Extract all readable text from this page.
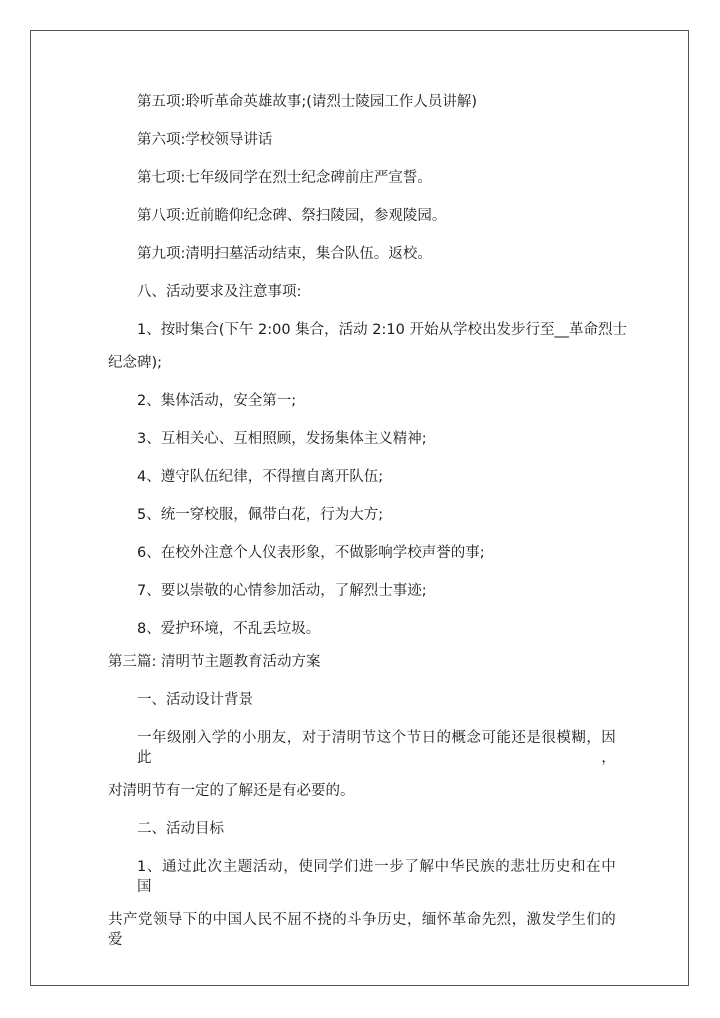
第五项:聆听革命英雄故事;(请烈士陵园工作人员讲解)

第六项:学校领导讲话

第七项:七年级同学在烈士纪念碑前庄严宣誓。

第八项:近前瞻仰纪念碑、祭扫陵园，参观陵园。

第九项:清明扫墓活动结束，集合队伍。返校。

八、活动要求及注意事项:

1、按时集合(下午 2:00 集合，活动 2:10 开始从学校出发步行至__革命烈士

纪念碑);

2、集体活动，安全第一;

3、互相关心、互相照顾，发扬集体主义精神;

4、遵守队伍纪律，不得擅自离开队伍;

5、统一穿校服，佩带白花，行为大方;

6、在校外注意个人仪表形象，不做影响学校声誉的事;

7、要以崇敬的心情参加活动，了解烈士事迹;

8、爱护环境，不乱丢垃圾。

第三篇: 清明节主题教育活动方案

一、活动设计背景

一年级刚入学的小朋友，对于清明节这个节日的概念可能还是很模糊，因此，

对清明节有一定的了解还是有必要的。

二、活动目标

1、通过此次主题活动，使同学们进一步了解中华民族的悲壮历史和在中国

共产党领导下的中国人民不屈不挠的斗争历史，缅怀革命先烈，激发学生们的爱
